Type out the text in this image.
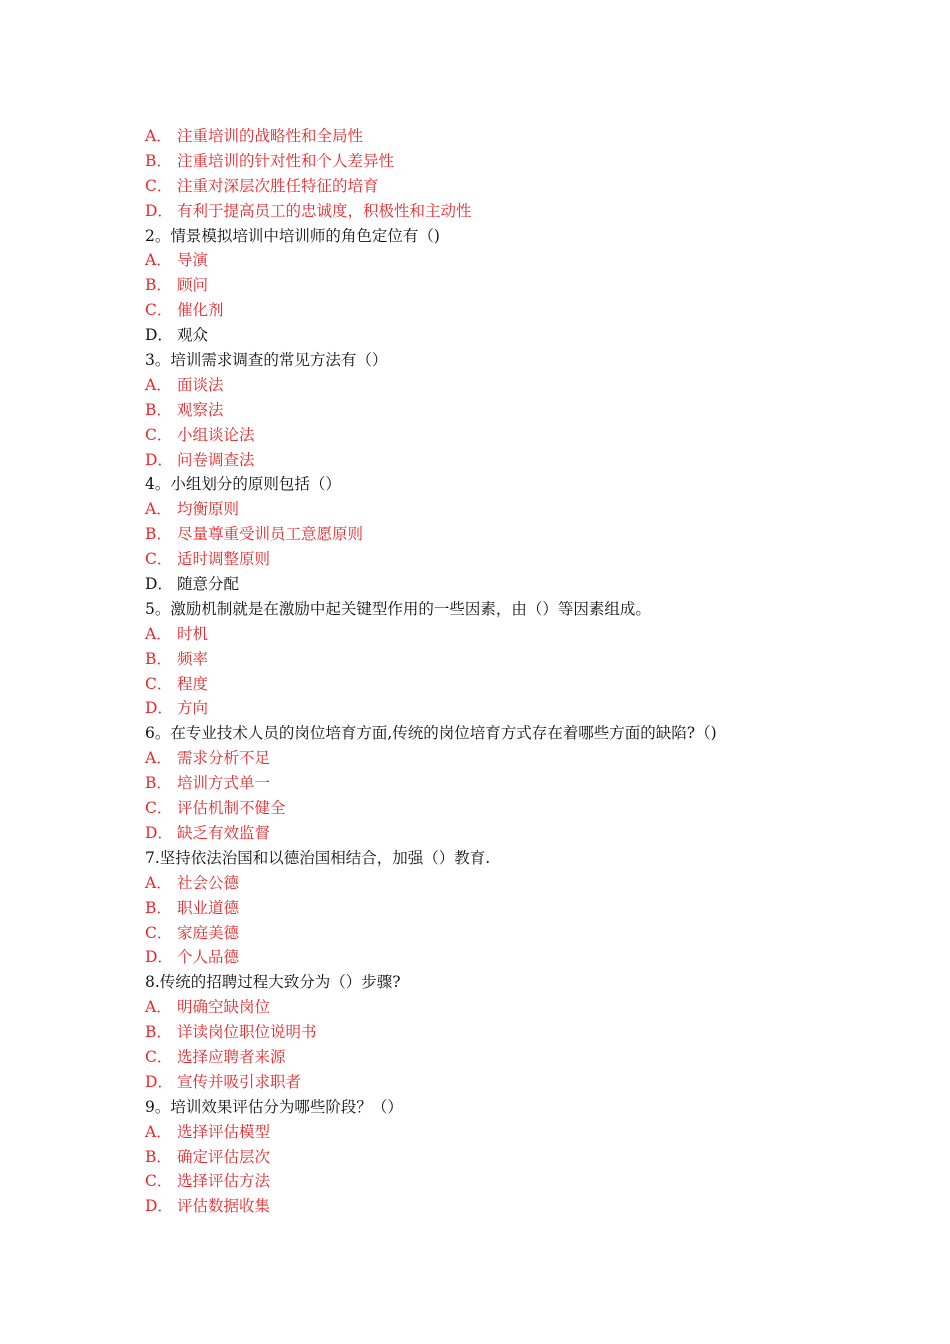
A． 注重培训的战略性和全局性
B． 注重培训的针对性和个人差异性
C． 注重对深层次胜任特征的培育
D． 有利于提高员工的忠诚度，积极性和主动性
2。情景模拟培训中培训师的角色定位有（)
A． 导演
B． 顾问
C． 催化剂
D． 观众
3。培训需求调查的常见方法有（）
A． 面谈法
B． 观察法
C． 小组谈论法
D． 问卷调查法
4。小组划分的原则包括（）
A． 均衡原则
B． 尽量尊重受训员工意愿原则
C． 适时调整原则
D． 随意分配
5。激励机制就是在激励中起关键型作用的一些因素，由（）等因素组成。
A． 时机
B． 频率
C． 程度
D． 方向
6。在专业技术人员的岗位培育方面,传统的岗位培育方式存在着哪些方面的缺陷?（)
A． 需求分析不足
B． 培训方式单一
C． 评估机制不健全
D． 缺乏有效监督
7.坚持依法治国和以德治国相结合，加强（）教育.
A． 社会公德
B． 职业道德
C． 家庭美德
D． 个人品德
8.传统的招聘过程大致分为（）步骤?
A． 明确空缺岗位
B． 详读岗位职位说明书
C． 选择应聘者来源
D． 宣传并吸引求职者
9。培训效果评估分为哪些阶段？（）
A． 选择评估模型
B． 确定评估层次
C． 选择评估方法
D． 评估数据收集
